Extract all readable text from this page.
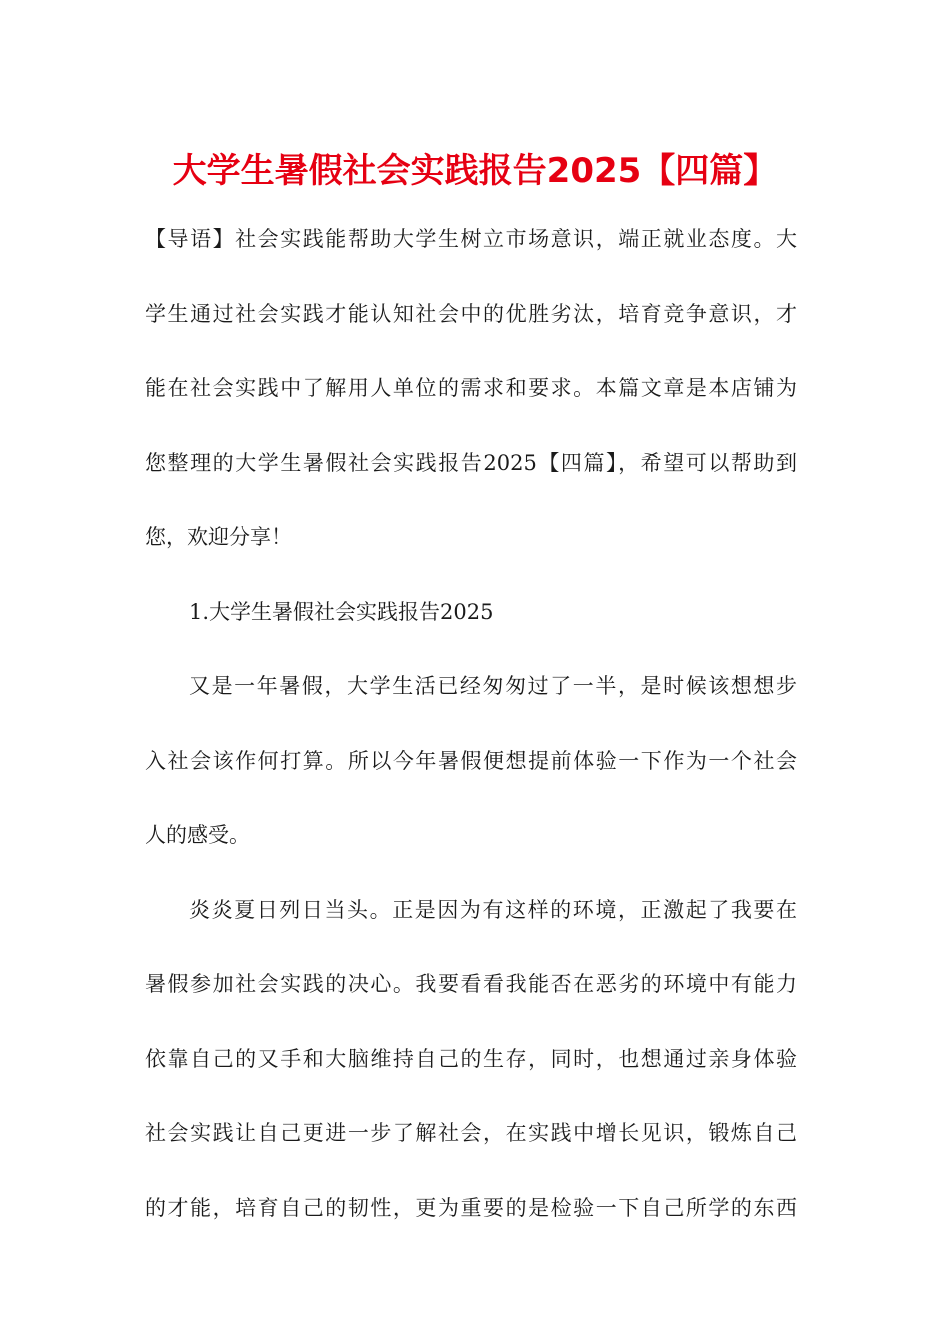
大学生暑假社会实践报告2025【四篇】
【导语】社会实践能帮助大学生树立市场意识，端正就业态度。大
学生通过社会实践才能认知社会中的优胜劣汰，培育竞争意识，才
能在社会实践中了解用人单位的需求和要求。本篇文章是本店铺为
您整理的大学生暑假社会实践报告2025【四篇】，希望可以帮助到
您，欢迎分享！
1.大学生暑假社会实践报告2025
又是一年暑假，大学生活已经匆匆过了一半，是时候该想想步
入社会该作何打算。所以今年暑假便想提前体验一下作为一个社会
人的感受。
炎炎夏日列日当头。正是因为有这样的环境，正激起了我要在
暑假参加社会实践的决心。我要看看我能否在恶劣的环境中有能力
依靠自己的又手和大脑维持自己的生存，同时，也想通过亲身体验
社会实践让自己更进一步了解社会，在实践中增长见识，锻炼自己
的才能，培育自己的韧性，更为重要的是检验一下自己所学的东西
